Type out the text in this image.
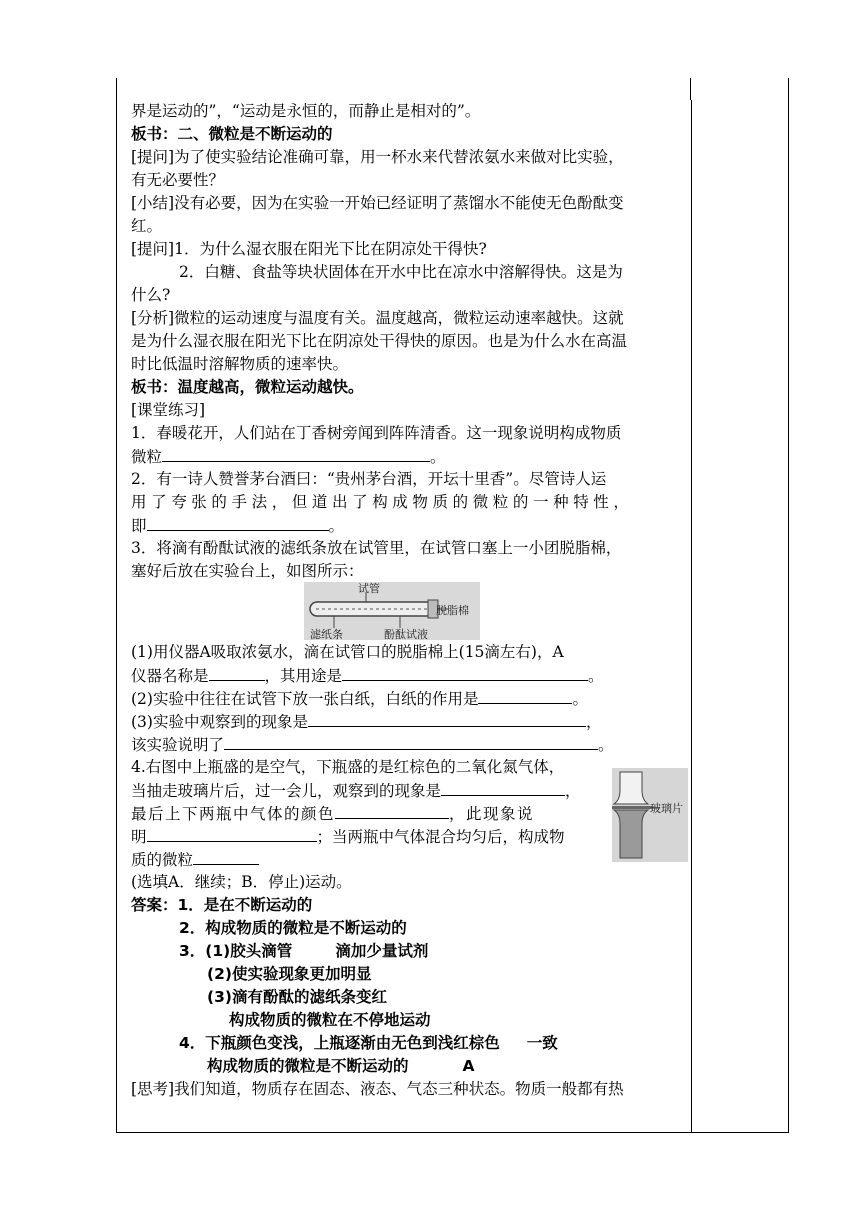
界是运动的”，“运动是永恒的，而静止是相对的”。
板书：二、微粒是不断运动的
[提问]为了使实验结论准确可靠，用一杯水来代替浓氨水来做对比实验，
有无必要性？
[小结]没有必要，因为在实验一开始已经证明了蒸馏水不能使无色酚酞变
红。
[提问]1．为什么湿衣服在阳光下比在阴凉处干得快?
2．白糖、食盐等块状固体在开水中比在凉水中溶解得快。这是为
什么?
[分析]微粒的运动速度与温度有关。温度越高，微粒运动速率越快。这就
是为什么湿衣服在阳光下比在阴凉处干得快的原因。也是为什么水在高温
时比低温时溶解物质的速率快。
板书：温度越高，微粒运动越快。
[课堂练习]
1．春暖花开，人们站在丁香树旁闻到阵阵清香。这一现象说明构成物质
微粒	。
2．有一诗人赞誉茅台酒曰：“贵州茅台酒，开坛十里香”。尽管诗人运
用了夸张的手法，但道出了构成物质的微粒的一种特性，
即	。
3．将滴有酚酞试液的滤纸条放在试管里，在试管口塞上一小团脱脂棉，
塞好后放在实验台上，如图所示：
(1)用仪器A吸取浓氨水，滴在试管口的脱脂棉上(15滴左右)，A
仪器名称是	，其用途是	。
(2)实验中往往在试管下放一张白纸，白纸的作用是	。
(3)实验中观察到的现象是	，
该实验说明了	。
4.右图中上瓶盛的是空气，下瓶盛的是红棕色的二氧化氮气体，
当抽走玻璃片后，过一会儿，观察到的现象是	，
最后上下两瓶中气体的颜色	，此现象说
明	；当两瓶中气体混合均匀后，构成物
质的微粒
(选填A．继续；B．停止)运动。
答案：1．是在不断运动的
2．构成物质的微粒是不断运动的
3．(1)胶头滴管        滴加少量试剂
(2)使实验现象更加明显
(3)滴有酚酞的滤纸条变红
构成物质的微粒在不停地运动
4．下瓶颜色变浅，上瓶逐渐由无色到浅红棕色     一致
构成物质的微粒是不断运动的          A
[思考]我们知道，物质存在固态、液态、气态三种状态。物质一般都有热
试管
脱脂棉
滤纸条	酚酞试液
玻璃片
